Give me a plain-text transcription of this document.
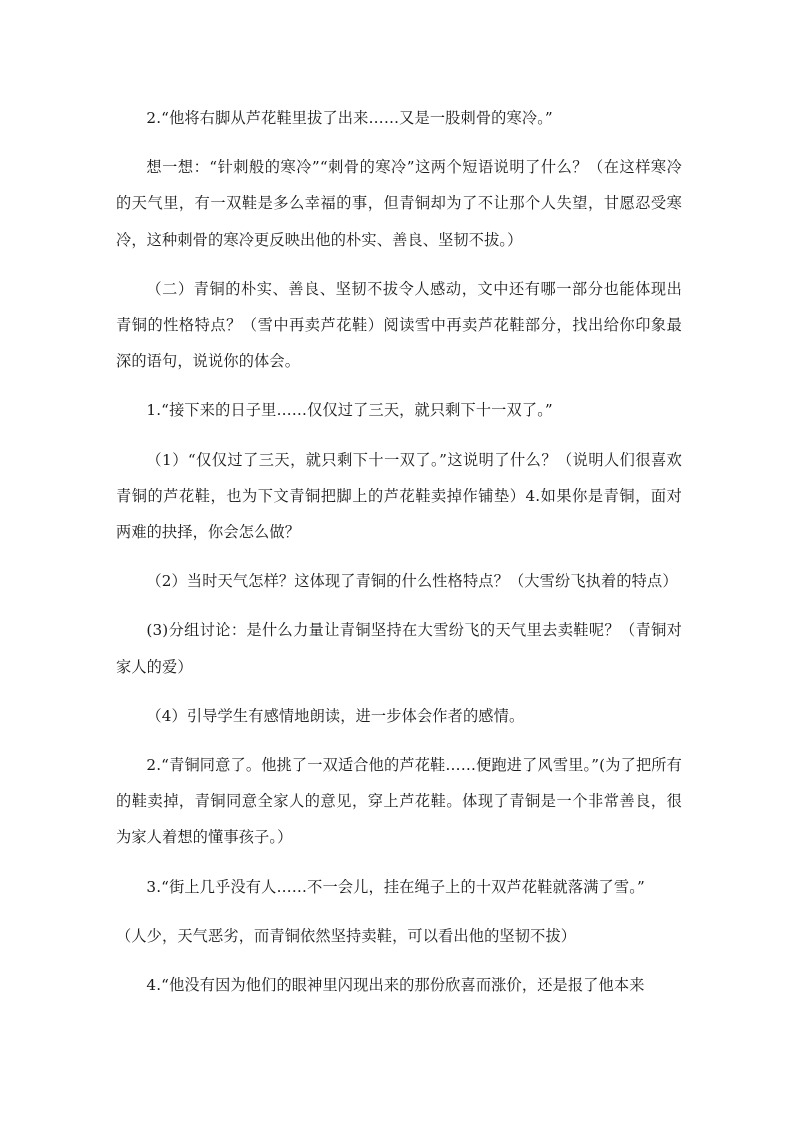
2.“他将右脚从芦花鞋里拔了出来……又是一股刺骨的寒冷。”

想一想：“针刺般的寒冷”“刺骨的寒冷”这两个短语说明了什么？（在这样寒冷的天气里，有一双鞋是多么幸福的事，但青铜却为了不让那个人失望，甘愿忍受寒冷，这种刺骨的寒冷更反映出他的朴实、善良、坚韧不拔。）

（二）青铜的朴实、善良、坚韧不拔令人感动，文中还有哪一部分也能体现出青铜的性格特点？（雪中再卖芦花鞋）阅读雪中再卖芦花鞋部分，找出给你印象最深的语句，说说你的体会。

1.“接下来的日子里……仅仅过了三天，就只剩下十一双了。”

（1）“仅仅过了三天，就只剩下十一双了。”这说明了什么？（说明人们很喜欢青铜的芦花鞋，也为下文青铜把脚上的芦花鞋卖掉作铺垫）4.如果你是青铜，面对两难的抉择，你会怎么做？

（2）当时天气怎样？这体现了青铜的什么性格特点？（大雪纷飞执着的特点）

(3)分组讨论：是什么力量让青铜坚持在大雪纷飞的天气里去卖鞋呢？（青铜对家人的爱）

（4）引导学生有感情地朗读，进一步体会作者的感情。

2.“青铜同意了。他挑了一双适合他的芦花鞋……便跑进了风雪里。”(为了把所有的鞋卖掉，青铜同意全家人的意见，穿上芦花鞋。体现了青铜是一个非常善良，很为家人着想的懂事孩子。）

3.“街上几乎没有人……不一会儿，挂在绳子上的十双芦花鞋就落满了雪。”

（人少，天气恶劣，而青铜依然坚持卖鞋，可以看出他的坚韧不拔）

4.“他没有因为他们的眼神里闪现出来的那份欣喜而涨价，还是报了他本来
